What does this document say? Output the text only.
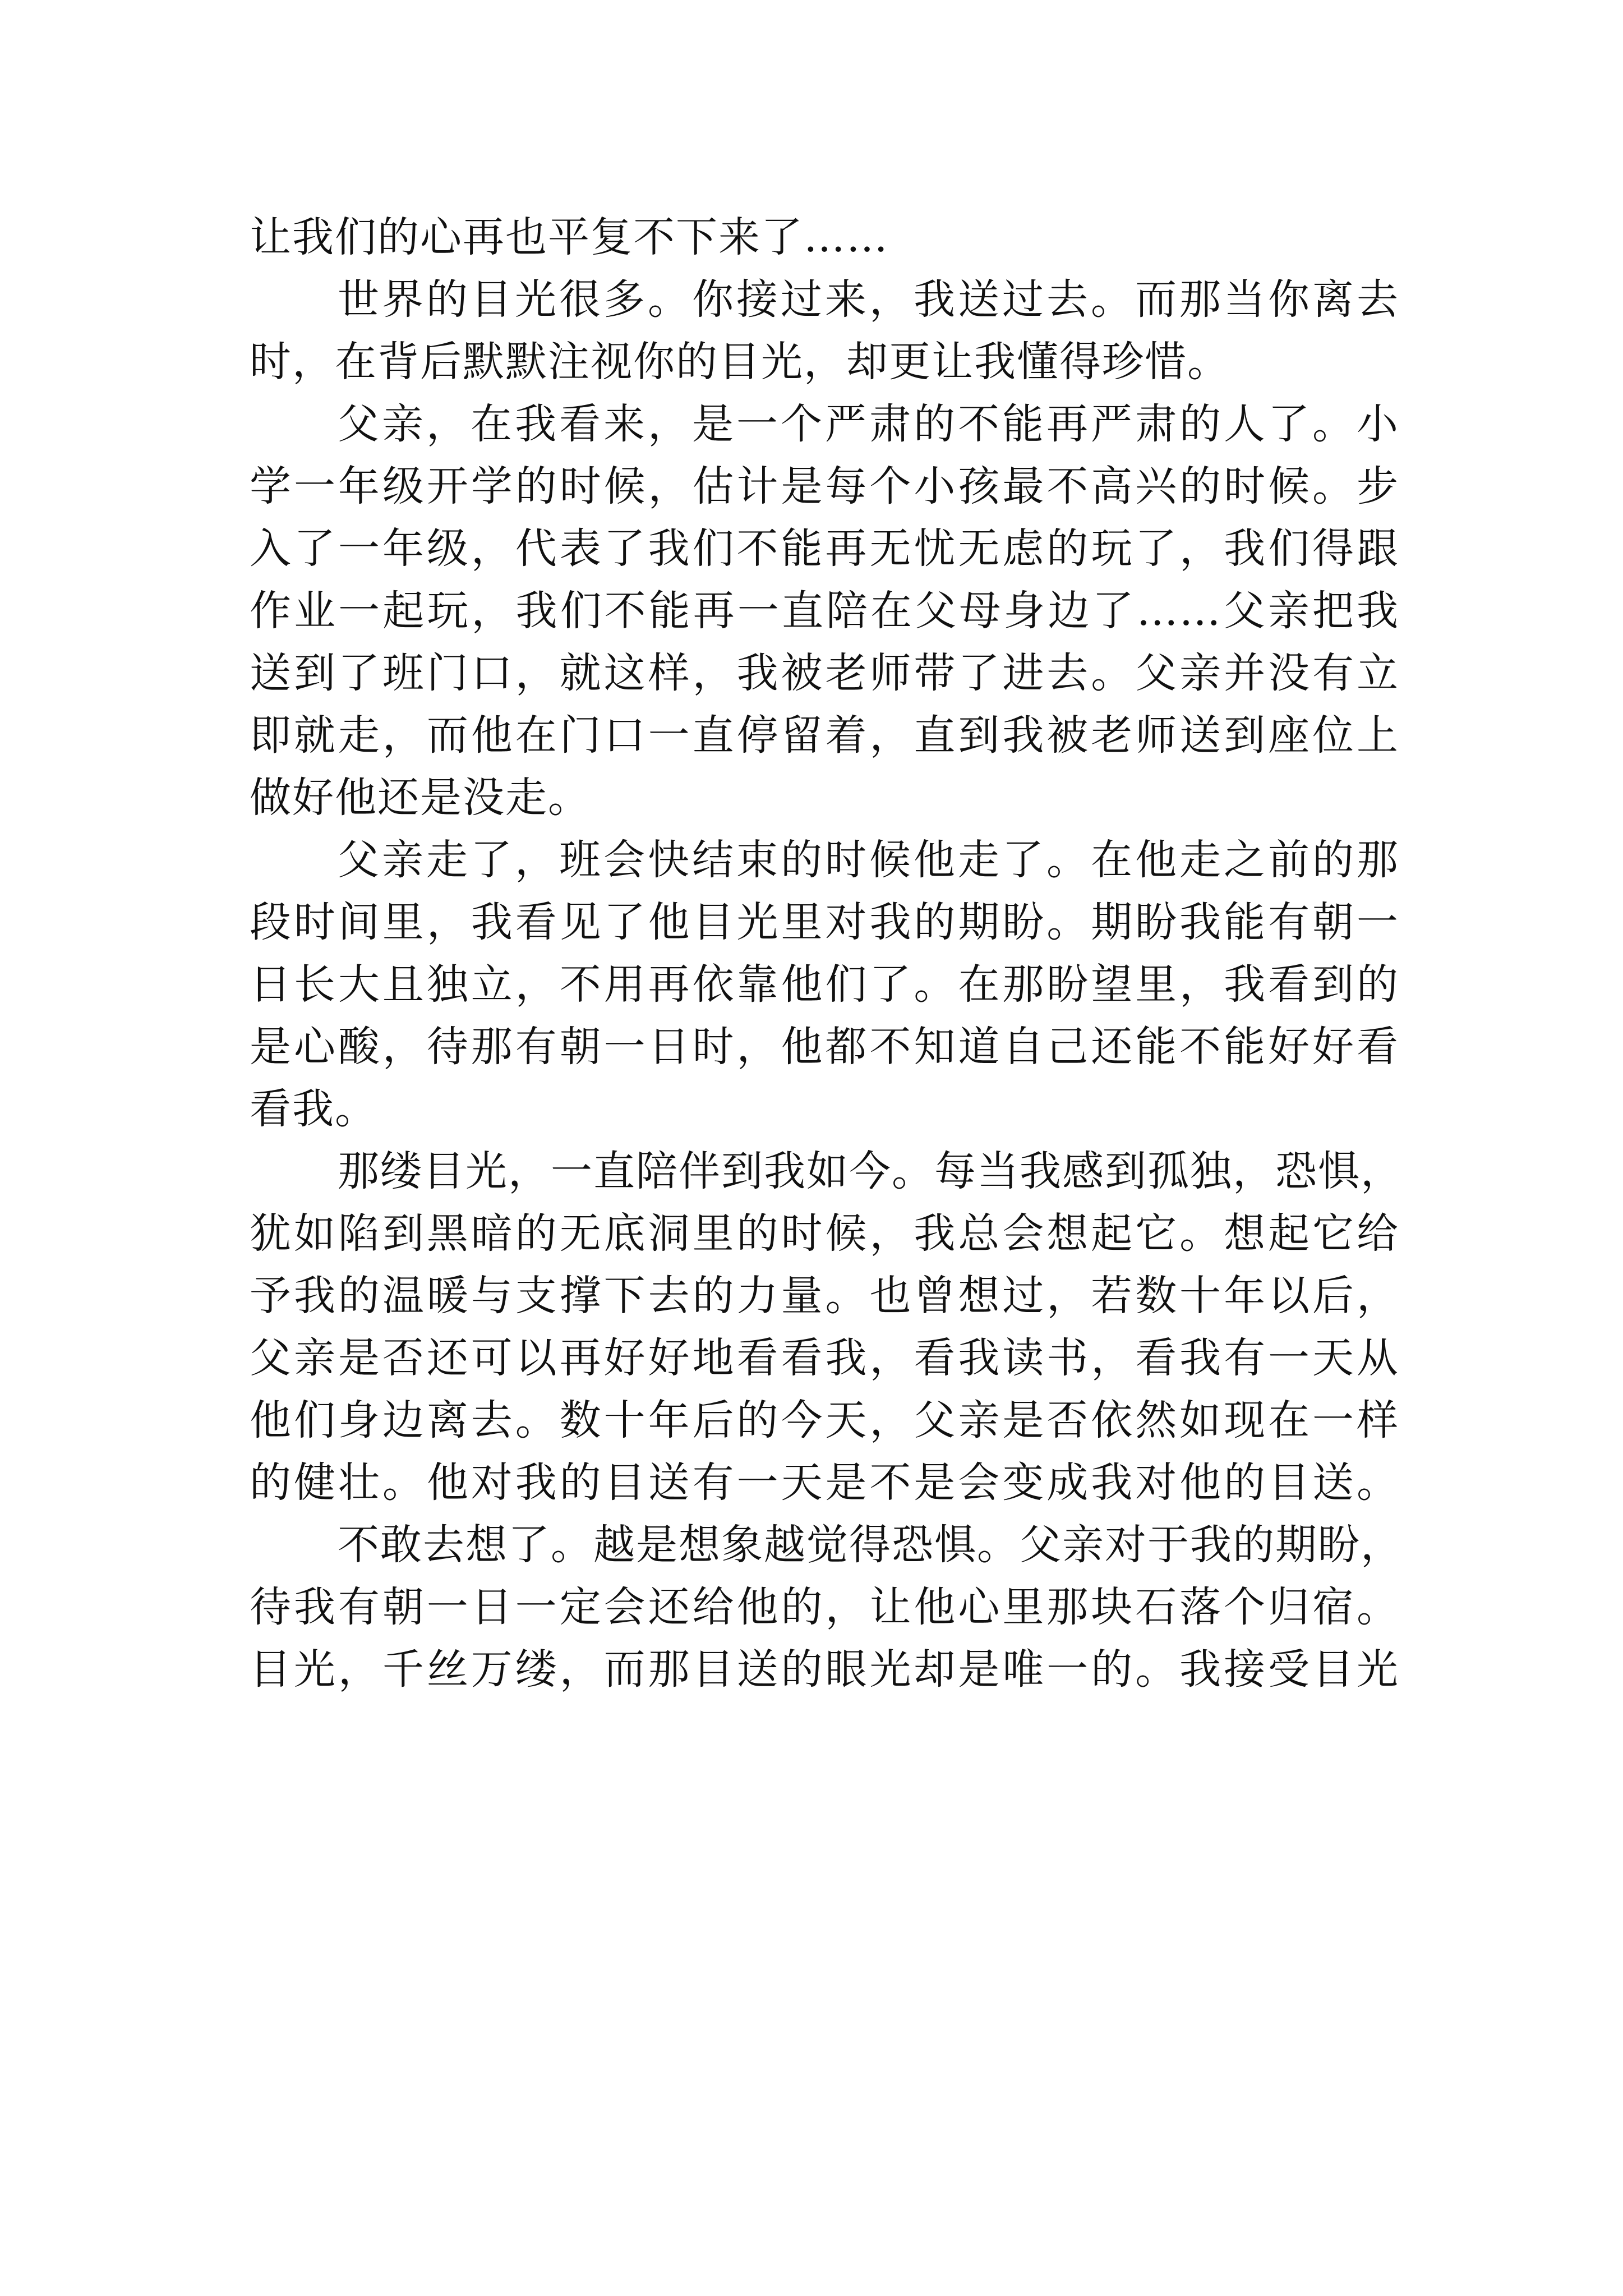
让我们的心再也平复不下来了……
世界的目光很多。你接过来，我送过去。而那当你离去
时，在背后默默注视你的目光，却更让我懂得珍惜。
父亲，在我看来，是一个严肃的不能再严肃的人了。小
学一年级开学的时候，估计是每个小孩最不高兴的时候。步
入了一年级，代表了我们不能再无忧无虑的玩了，我们得跟
作业一起玩，我们不能再一直陪在父母身边了……父亲把我
送到了班门口，就这样，我被老师带了进去。父亲并没有立
即就走，而他在门口一直停留着，直到我被老师送到座位上
做好他还是没走。
父亲走了，班会快结束的时候他走了。在他走之前的那
段时间里，我看见了他目光里对我的期盼。期盼我能有朝一
日长大且独立，不用再依靠他们了。在那盼望里，我看到的
是心酸，待那有朝一日时，他都不知道自己还能不能好好看
看我。
那缕目光，一直陪伴到我如今。每当我感到孤独，恐惧，
犹如陷到黑暗的无底洞里的时候，我总会想起它。想起它给
予我的温暖与支撑下去的力量。也曾想过，若数十年以后，
父亲是否还可以再好好地看看我，看我读书，看我有一天从
他们身边离去。数十年后的今天，父亲是否依然如现在一样
的健壮。他对我的目送有一天是不是会变成我对他的目送。
不敢去想了。越是想象越觉得恐惧。父亲对于我的期盼，
待我有朝一日一定会还给他的，让他心里那块石落个归宿。
目光，千丝万缕，而那目送的眼光却是唯一的。我接受目光
